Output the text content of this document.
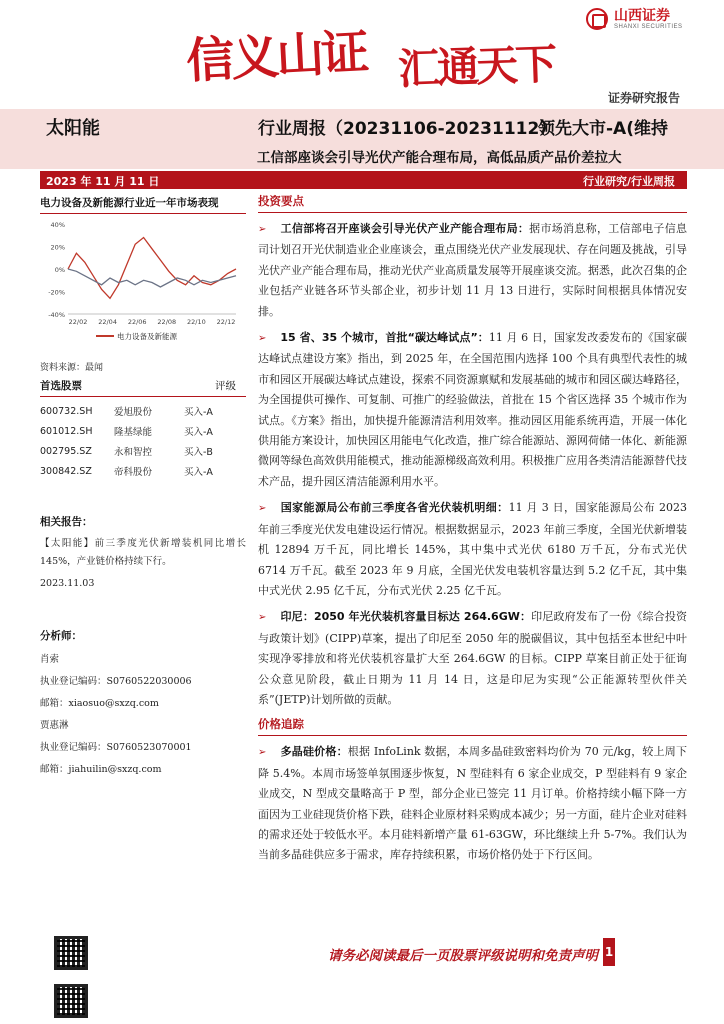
信义山证 汇通天下
山西证券
SHANXI SECURITIES
证券研究报告
太阳能	行业周报（20231106-20231112）
领先大市-A(维持
工信部座谈会引导光伏产能合理布局，高低品质产品价差拉大
2023 年 11 月 11 日	行业研究/行业周报
电力设备及新能源行业近一年市场表现
40%
20%
0%
-20%
-40%
22/02 22/04 22/06 22/08 22/10 22/12
电力设备及新能源
资料来源：最闻
首选股票	评级
600732.SH	爱旭股份	买入-A
601012.SH	隆基绿能	买入-A
002795.SZ	永和智控	买入-B
300842.SZ	帝科股份	买入-A
相关报告：
【太阳能】前三季度光伏新增装机同比增长 145%，产业链价格持续下行。
2023.11.03
分析师：
肖索
执业登记编码：S0760522030006
邮箱：xiaosuo@sxzq.com
贾惠淋
执业登记编码：S0760523070001
邮箱：jiahuilin@sxzq.com
投资要点
➢ 工信部将召开座谈会引导光伏产业产能合理布局：据市场消息称，工信部电子信息司计划召开光伏制造业企业座谈会，重点围绕光伏产业发展现状、存在问题及挑战，引导光伏产业产能合理布局，推动光伏产业高质量发展等开展座谈交流。据悉，此次召集的企业包括产业链各环节头部企业，初步计划 11 月 13 日进行，实际时间根据具体情况安排。
➢ 15 省、35 个城市，首批“碳达峰试点”：11 月 6 日，国家发改委发布的《国家碳达峰试点建设方案》指出，到 2025 年，在全国范围内选择 100 个具有典型代表性的城市和园区开展碳达峰试点建设，探索不同资源禀赋和发展基础的城市和园区碳达峰路径，为全国提供可操作、可复制、可推广的经验做法，首批在 15 个省区选择 35 个城市作为试点。《方案》指出，加快提升能源清洁利用效率。推动园区用能系统再造，开展一体化供用能方案设计，加快园区用能电气化改造，推广综合能源站、源网荷储一体化、新能源微网等绿色高效供用能模式，推动能源梯级高效利用。积极推广应用各类清洁能源替代技术产品，提升园区清洁能源利用水平。
➢ 国家能源局公布前三季度各省光伏装机明细：11 月 3 日，国家能源局公布 2023 年前三季度光伏发电建设运行情况。根据数据显示，2023 年前三季度，全国光伏新增装机 12894 万千瓦，同比增长 145%，其中集中式光伏 6180 万千瓦，分布式光伏 6714 万千瓦。截至 2023 年 9 月底，全国光伏发电装机容量达到 5.2 亿千瓦，其中集中式光伏 2.95 亿千瓦，分布式光伏 2.25 亿千瓦。
➢ 印尼：2050 年光伏装机容量目标达 264.6GW：印尼政府发布了一份《综合投资与政策计划》(CIPP)草案，提出了印尼至 2050 年的脱碳倡议，其中包括至本世纪中叶实现净零排放和将光伏装机容量扩大至 264.6GW 的目标。CIPP 草案目前正处于征询公众意见阶段，截止日期为 11 月 14 日，这是印尼为实现“公正能源转型伙伴关系”(JETP)计划所做的贡献。
价格追踪
➢ 多晶硅价格：根据 InfoLink 数据，本周多晶硅致密料均价为 70 元/kg，较上周下降 5.4%。本周市场签单氛围逐步恢复，N 型硅料有 6 家企业成交，P 型硅料有 9 家企业成交，N 型成交量略高于 P 型，部分企业已签完 11 月订单。价格持续小幅下降一方面因为工业硅现货价格下跌，硅料企业原材料采购成本减少；另一方面，硅片企业对硅料的需求还处于较低水平。本月硅料新增产量 61-63GW，环比继续上升 5-7%。我们认为当前多晶硅供应多于需求，库存持续积累，市场价格仍处于下行区间。
请务必阅读最后一页股票评级说明和免责声明 1
